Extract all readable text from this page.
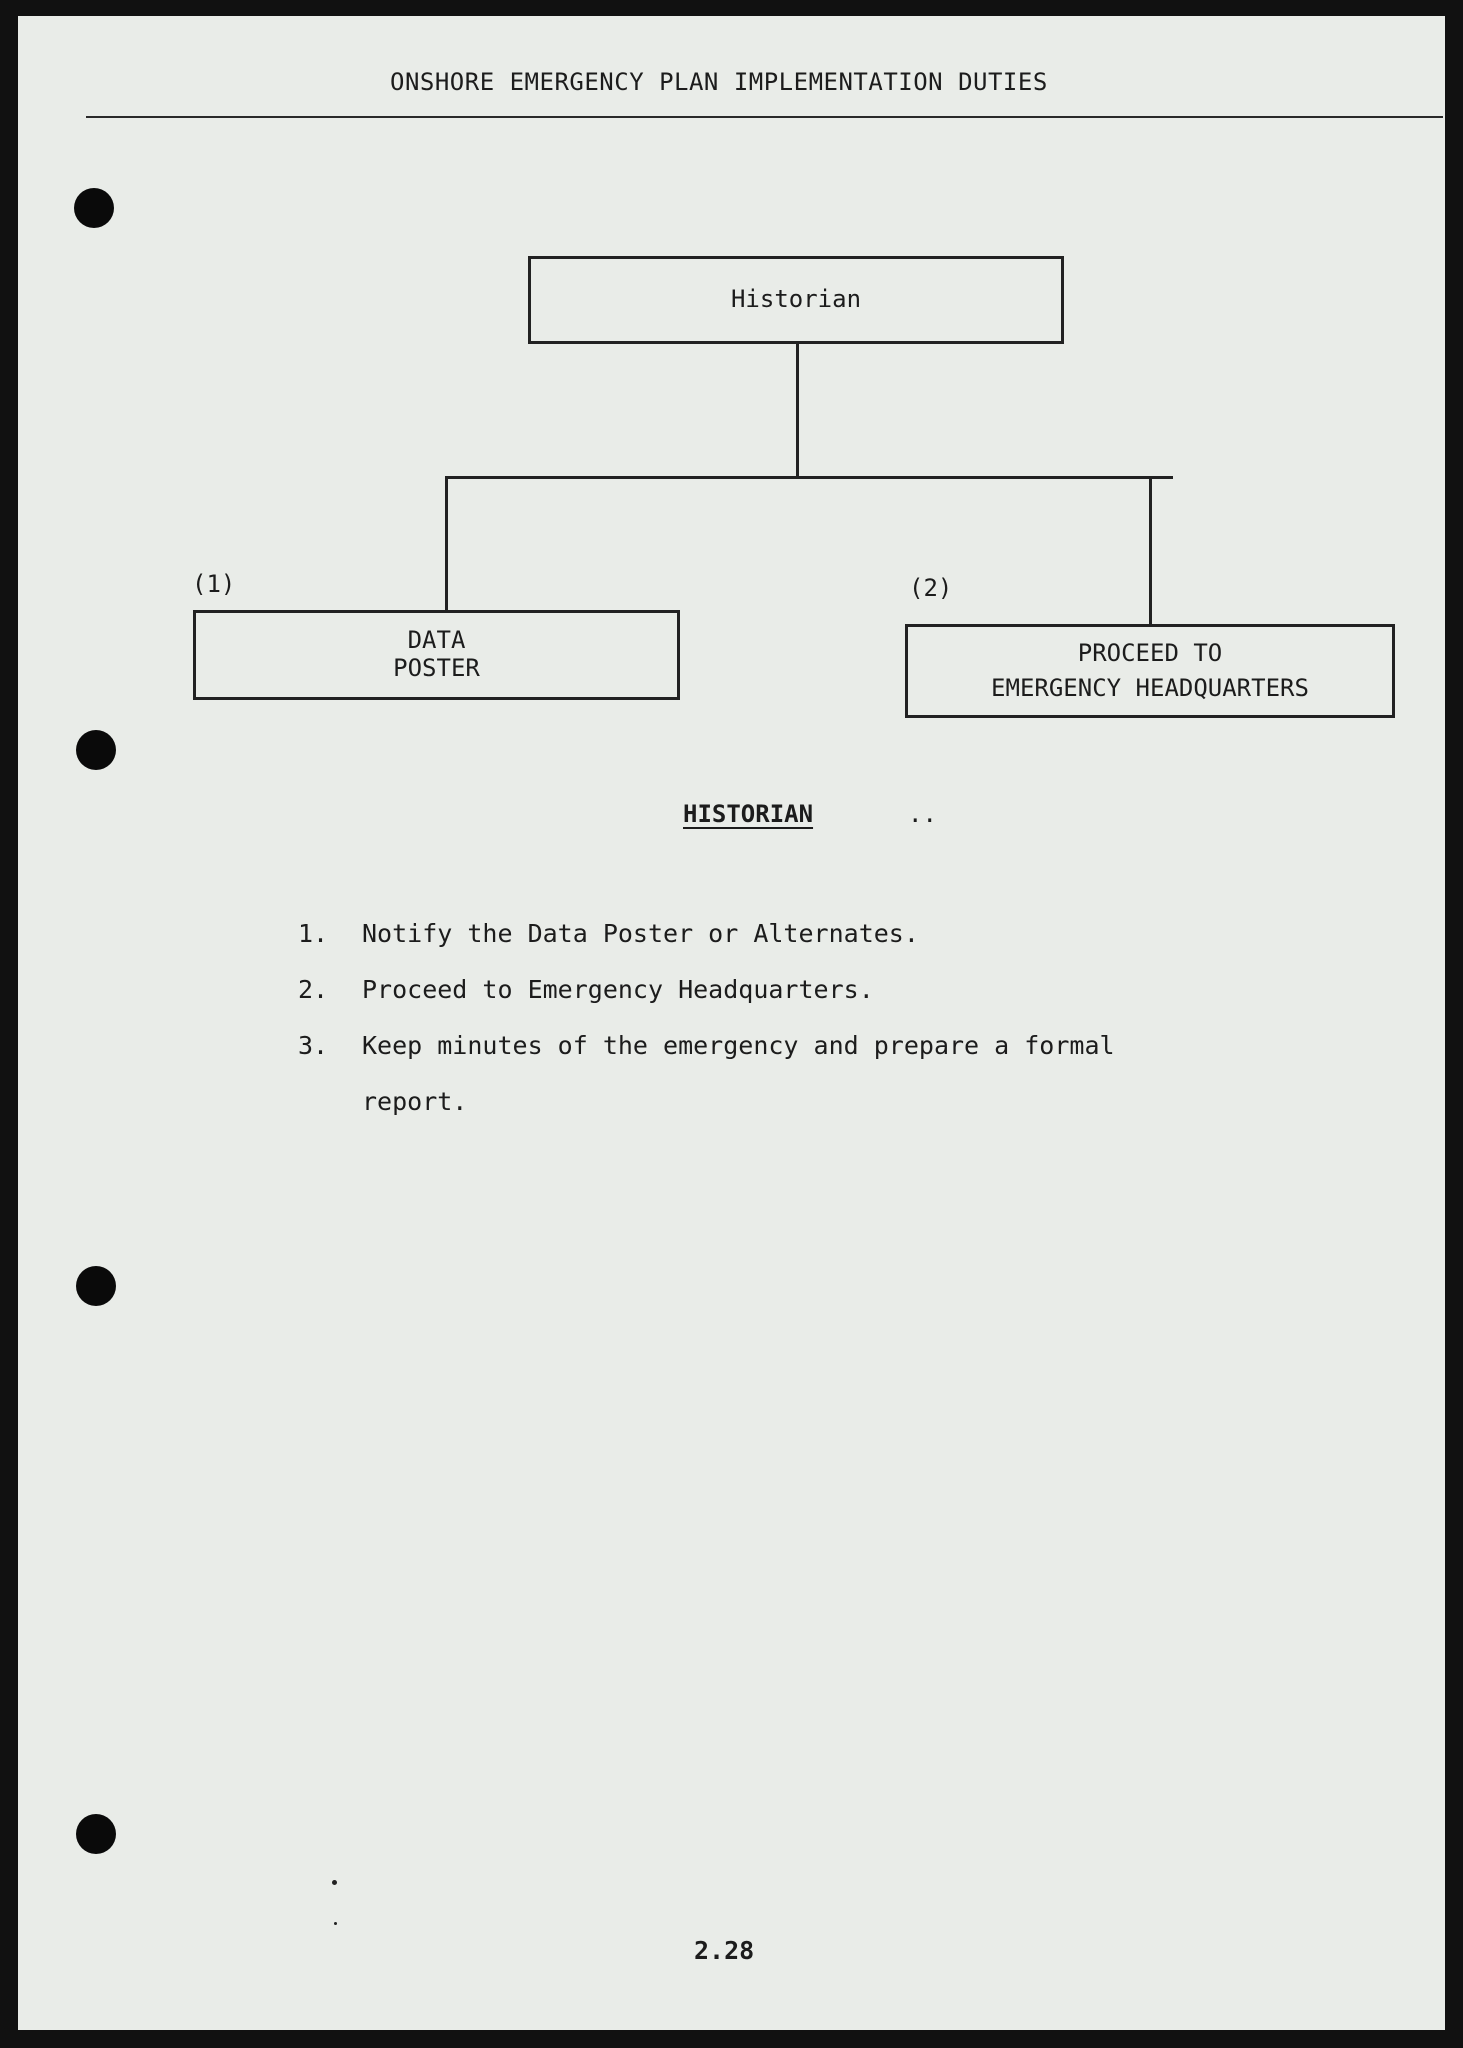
ONSHORE EMERGENCY PLAN IMPLEMENTATION DUTIES
Historian
(1)
DATA
POSTER
(2)
PROCEED TO
EMERGENCY HEADQUARTERS
HISTORIAN	..
1.	Notify the Data Poster or Alternates.
2.	Proceed to Emergency Headquarters.
3.	Keep minutes of the emergency and prepare a formal report.
2.28
